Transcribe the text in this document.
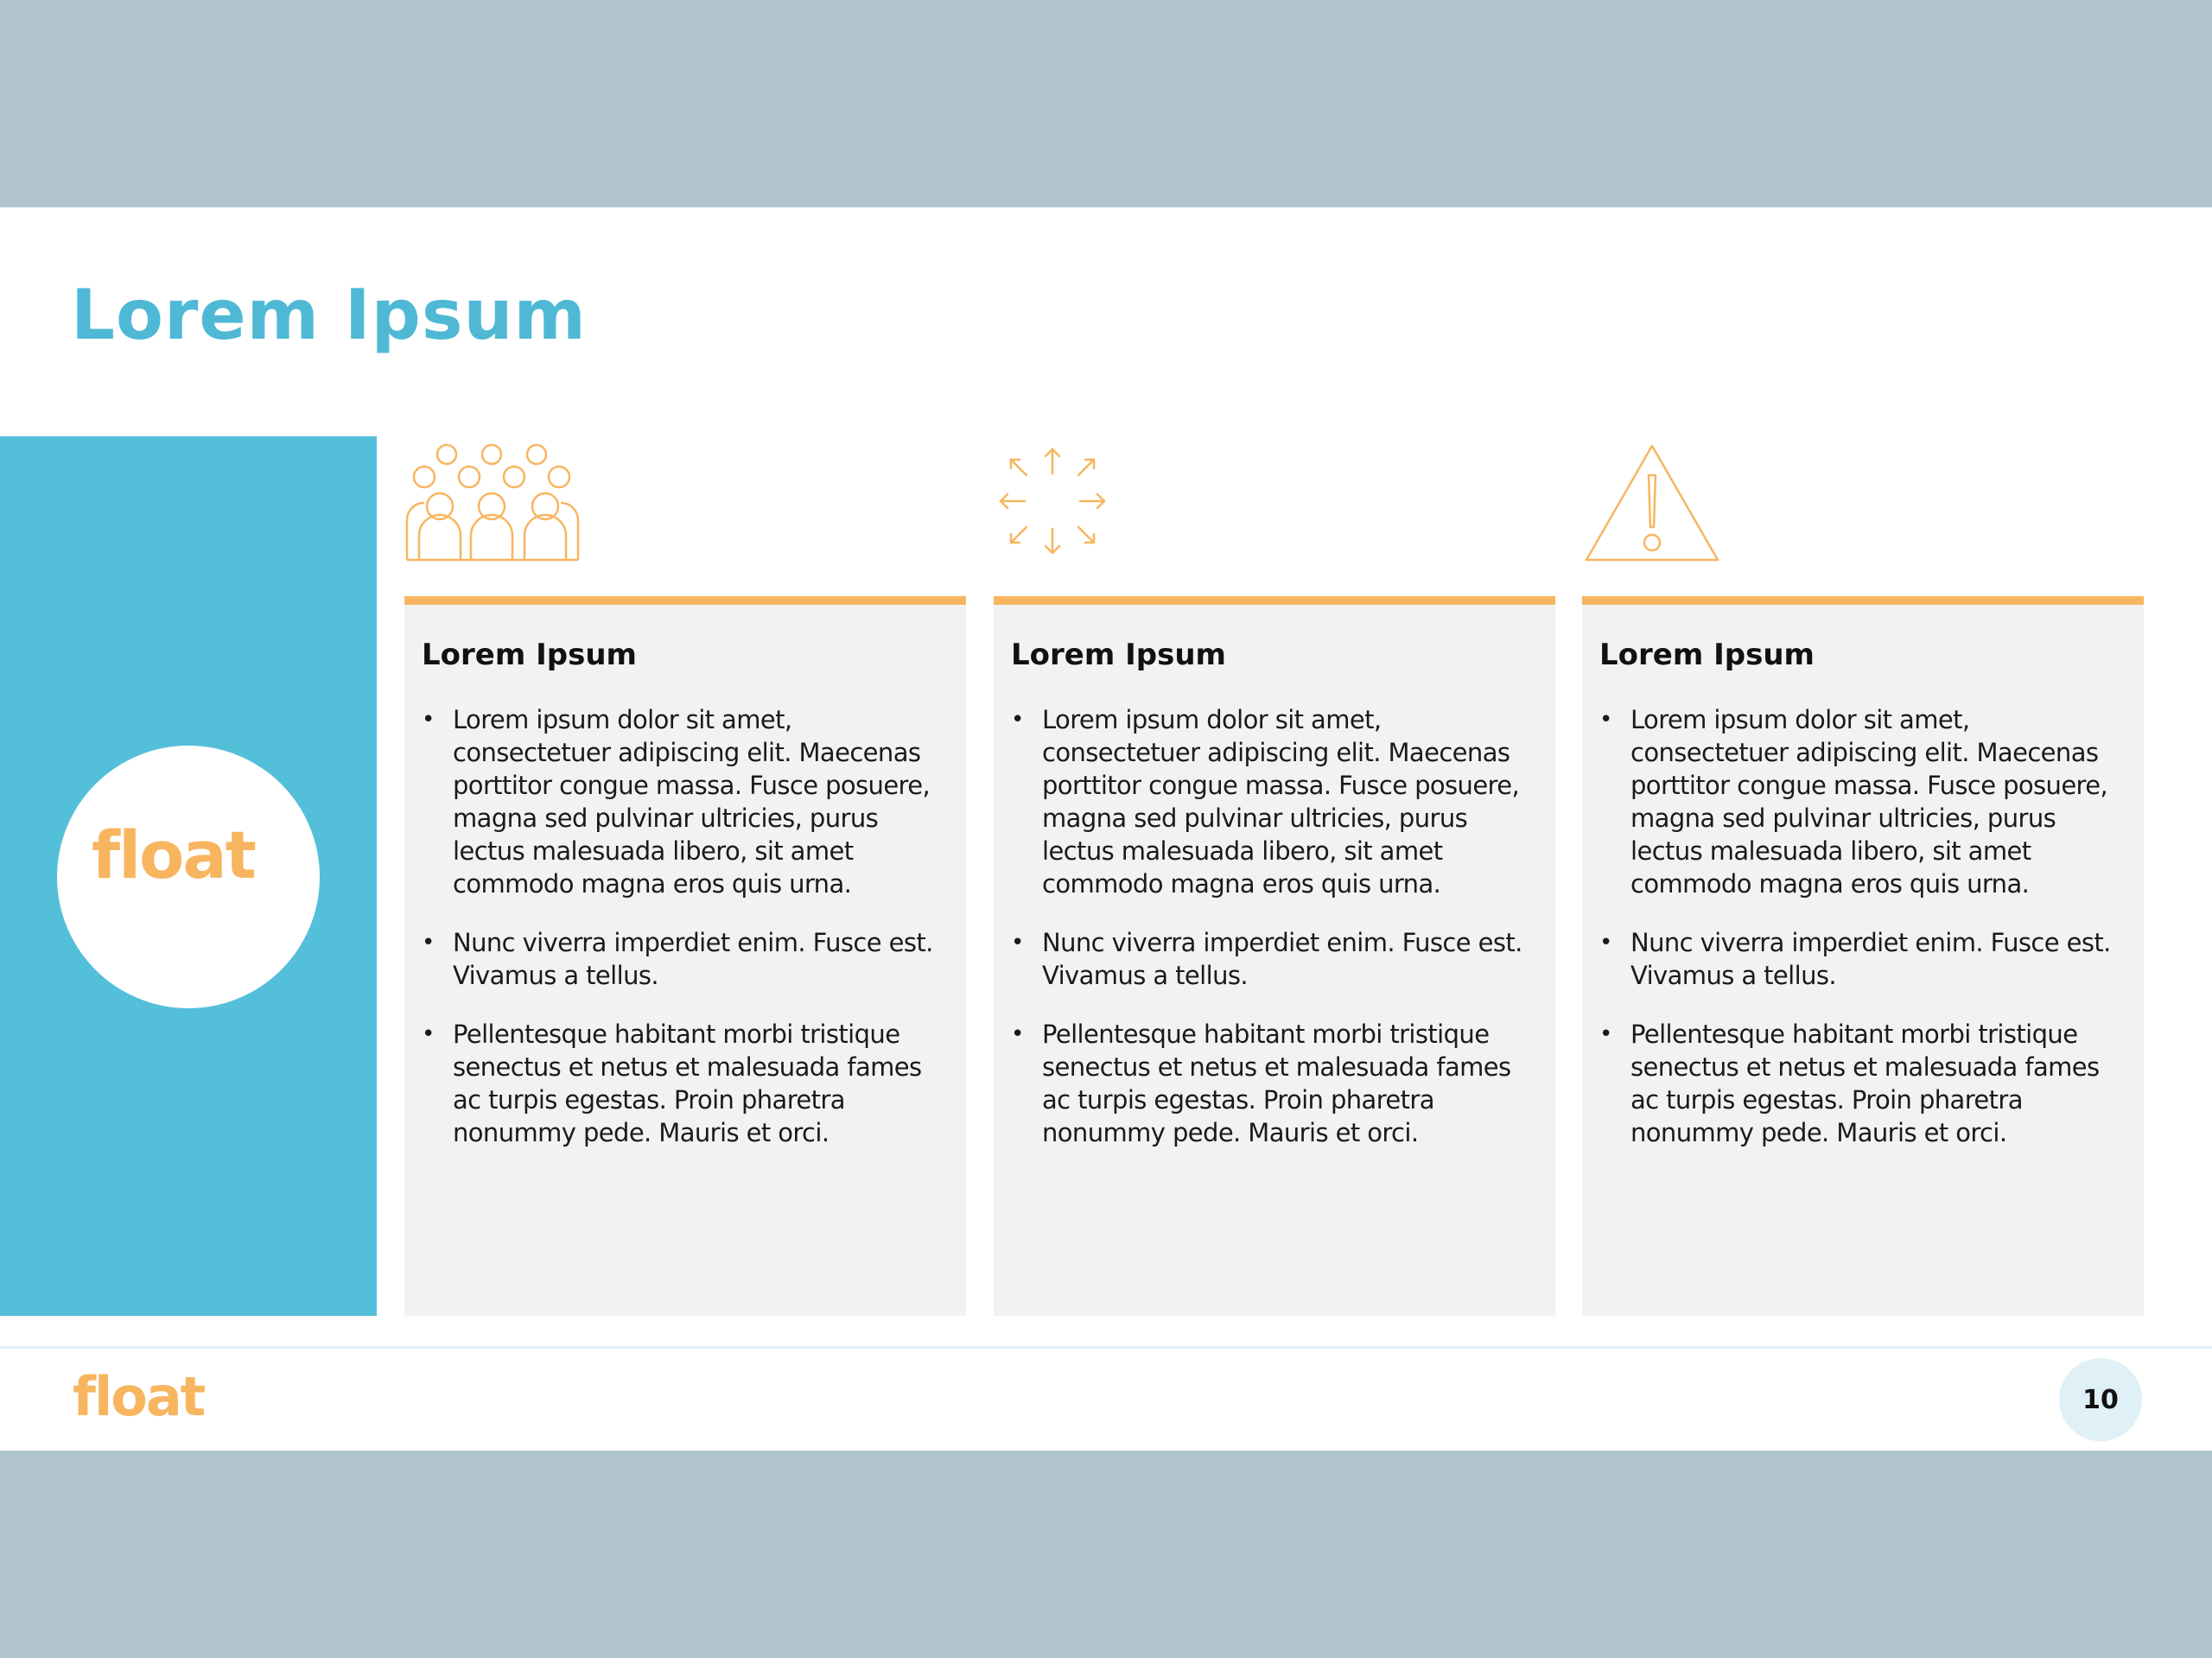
Lorem Ipsum
float
Lorem Ipsum
• Lorem ipsum dolor sit amet, consectetuer adipiscing elit. Maecenas porttitor congue massa. Fusce posuere, magna sed pulvinar ultricies, purus lectus malesuada libero, sit amet commodo magna eros quis urna.
• Nunc viverra imperdiet enim. Fusce est. Vivamus a tellus.
• Pellentesque habitant morbi tristique senectus et netus et malesuada fames ac turpis egestas. Proin pharetra nonummy pede. Mauris et orci.
Lorem Ipsum
• Lorem ipsum dolor sit amet, consectetuer adipiscing elit. Maecenas porttitor congue massa. Fusce posuere, magna sed pulvinar ultricies, purus lectus malesuada libero, sit amet commodo magna eros quis urna.
• Nunc viverra imperdiet enim. Fusce est. Vivamus a tellus.
• Pellentesque habitant morbi tristique senectus et netus et malesuada fames ac turpis egestas. Proin pharetra nonummy pede. Mauris et orci.
Lorem Ipsum
• Lorem ipsum dolor sit amet, consectetuer adipiscing elit. Maecenas porttitor congue massa. Fusce posuere, magna sed pulvinar ultricies, purus lectus malesuada libero, sit amet commodo magna eros quis urna.
• Nunc viverra imperdiet enim. Fusce est. Vivamus a tellus.
• Pellentesque habitant morbi tristique senectus et netus et malesuada fames ac turpis egestas. Proin pharetra nonummy pede. Mauris et orci.
float	10
